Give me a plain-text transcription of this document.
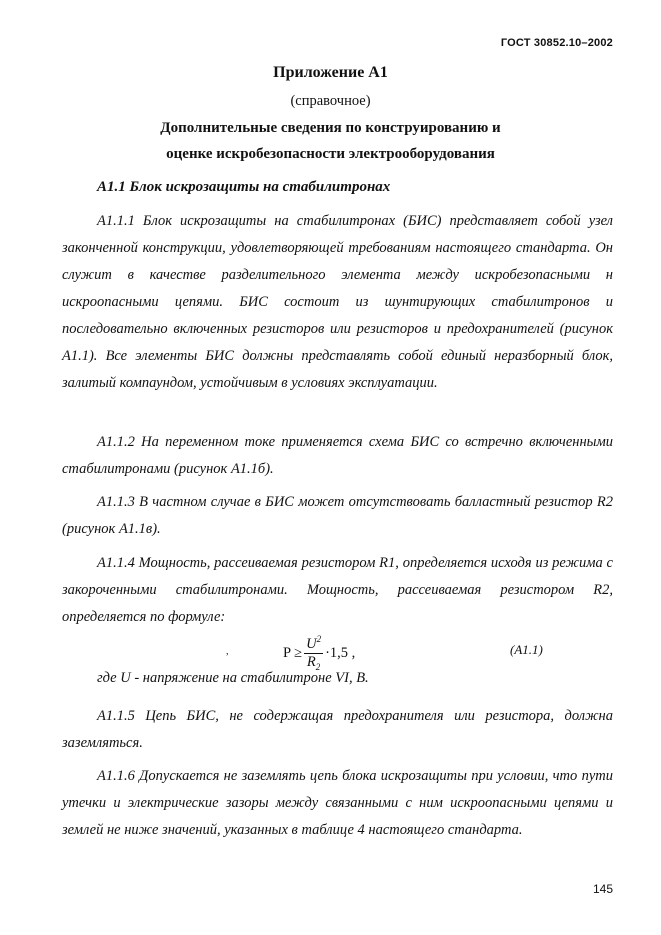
ГОСТ 30852.10–2002
Приложение А1
(справочное)
Дополнительные сведения по конструированию и
оценке искробезопасности электрооборудования
А1.1 Блок искрозащиты на стабилитронах

А1.1.1 Блок искрозащиты на стабилитронах (БИС) представляет собой узел законченной конструкции, удовлетворяющей требованиям настоящего стандарта. Он служит в качестве разделительного элемента между искробезопасными н искроопасными цепями. БИС состоит из шунтирующих стабилитронов и последовательно включенных резисторов или резисторов и предохранителей (рисунок А1.1). Все элементы БИС должны представлять собой единый неразборный блок, залитый компаундом, устойчивым в условиях эксплуатации.

А1.1.2 На переменном токе применяется схема БИС со встречно включенными стабилитронами (рисунок А1.1б).

А1.1.3 В частном случае в БИС может отсутствовать балластный резистор R2 (рисунок А1.1в).

А1.1.4 Мощность, рассеиваемая резистором R1, определяется исходя из режима с закороченными стабилитронами. Мощность, рассеиваемая резистором R2, определяется по формуле:

,	$P \ge \frac{U^2}{R_2} \cdot 1,5$ ,	(А1.1)
где U - напряжение на стабилитроне VI, В.

А1.1.5 Цепь БИС, не содержащая предохранителя или резистора, должна заземляться.

А1.1.6 Допускается не заземлять цепь блока искрозащиты при условии, что пути утечки и электрические зазоры между связанными с ним искроопасными цепями и землей не ниже значений, указанных в таблице 4 настоящего стандарта.

145
